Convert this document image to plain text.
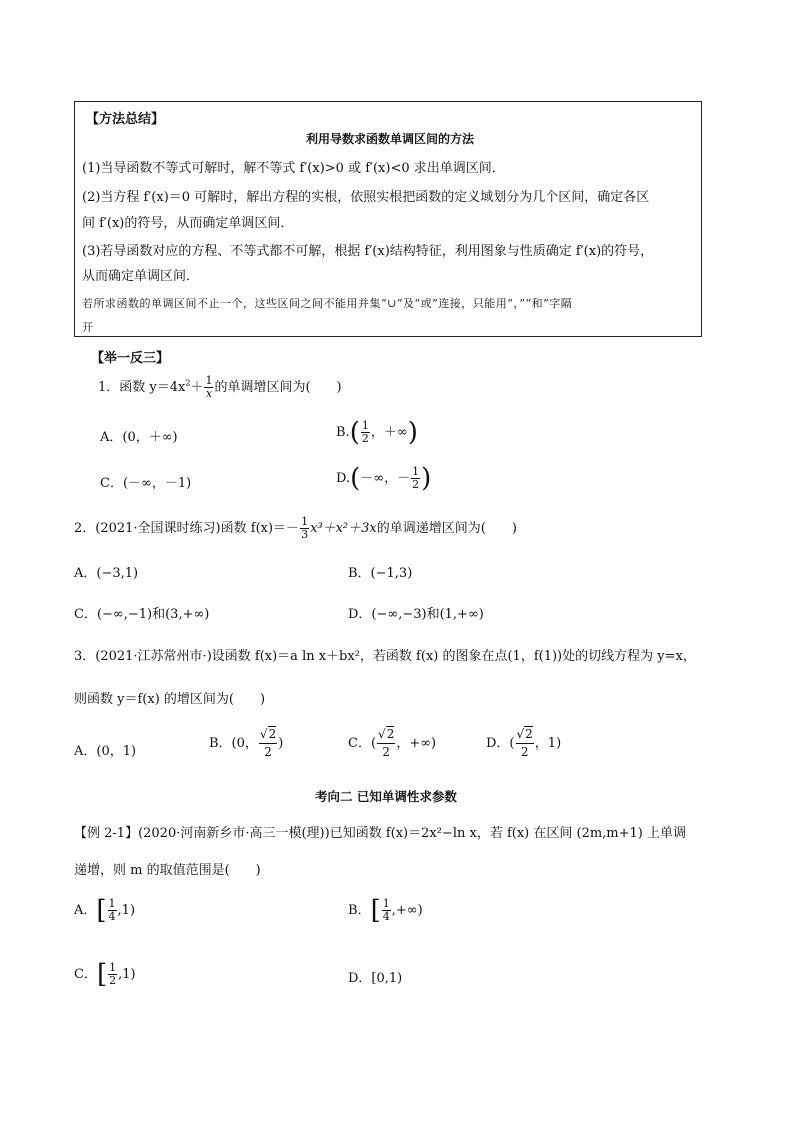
【方法总结】
利用导数求函数单调区间的方法
(1)当导函数不等式可解时，解不等式 f′(x)>0 或 f′(x)<0 求出单调区间．
(2)当方程 f′(x)＝0 可解时，解出方程的实根，依照实根把函数的定义域划分为几个区间，确定各区
间 f′(x)的符号，从而确定单调区间．
(3)若导函数对应的方程、不等式都不可解，根据 f′(x)结构特征，利用图象与性质确定 f′(x)的符号，
从而确定单调区间．
若所求函数的单调区间不止一个，这些区间之间不能用并集“∪”及“或”连接，只能用“，”“和”字隔
开
【举一反三】
1．函数 $y=4x^2+ \frac{1}{x}$ 的单调增区间为(　　)
A．(0，＋∞)	$B.( \frac{1}{2}$ ，＋∞)
C．(－∞，－1)	D.(－∞，－ $\frac{1}{2}$ )
2．(2021·全国课时练习)函数 $f(x)=- \frac{1}{3} x^3+x^2+3x$的单调递增区间为(　　)
A．(−3,1)	B．(−1,3)
C．(−∞,−1)和(3,+∞)	D．(−∞,−3)和(1,+∞)
3．(2021·江苏常州市·)设函数 f(x)＝a ln x＋bx²，若函数 f(x) 的图象在点(1，f(1))处的切线方程为 y=x，
则函数 y＝f(x) 的增区间为(　　)
A．(0，1)
B．(0， $\frac{√2}{2}$ )	C．( $\frac{√2}{2}$ ，+∞)	D．( $\frac{√2}{2}$ ，1)
考向二 已知单调性求参数
【例 2-1】(2020·河南新乡市·高三一模(理))已知函数 f(x)＝2x²−ln x，若 f(x) 在区间 (2m,m+1) 上单调
递增，则 m 的取值范围是(　　)
A．[ $\frac{1}{4} ,1$)	B．[ $\frac{1}{4}$ ,+∞)
C．[ $\frac{1}{2} ,1$)	D．[0,1)
